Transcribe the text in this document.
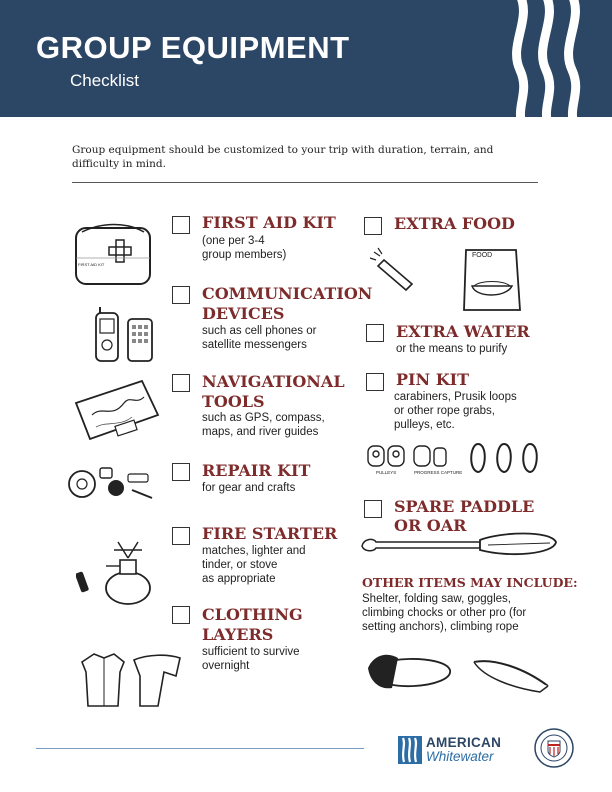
GROUP EQUIPMENT
Checklist
Group equipment should be customized to your trip with duration, terrain, and difficulty in mind.
FIRST AID KIT
FIRST AID KIT
(one per 3-4
group members)
COMMUNICATION
DEVICES
such as cell phones or
satellite messengers
NAVIGATIONAL
TOOLS
such as GPS, compass,
maps, and river guides
REPAIR KIT
for gear and crafts
FIRE STARTER
matches, lighter and
tinder, or stove
as appropriate
CLOTHING
LAYERS
sufficient to survive
overnight
EXTRA FOOD
FOOD
EXTRA WATER
or the means to purify
PIN KIT
carabiners, Prusik loops
or other rope grabs,
pulleys, etc.
PULLEYS	PROGRESS CAPTURE
SPARE PADDLE
OR OAR
OTHER ITEMS MAY INCLUDE:
Shelter, folding saw, goggles,
climbing chocks or other pro (for
setting anchors), climbing rope
AMERICAN
Whitewater
